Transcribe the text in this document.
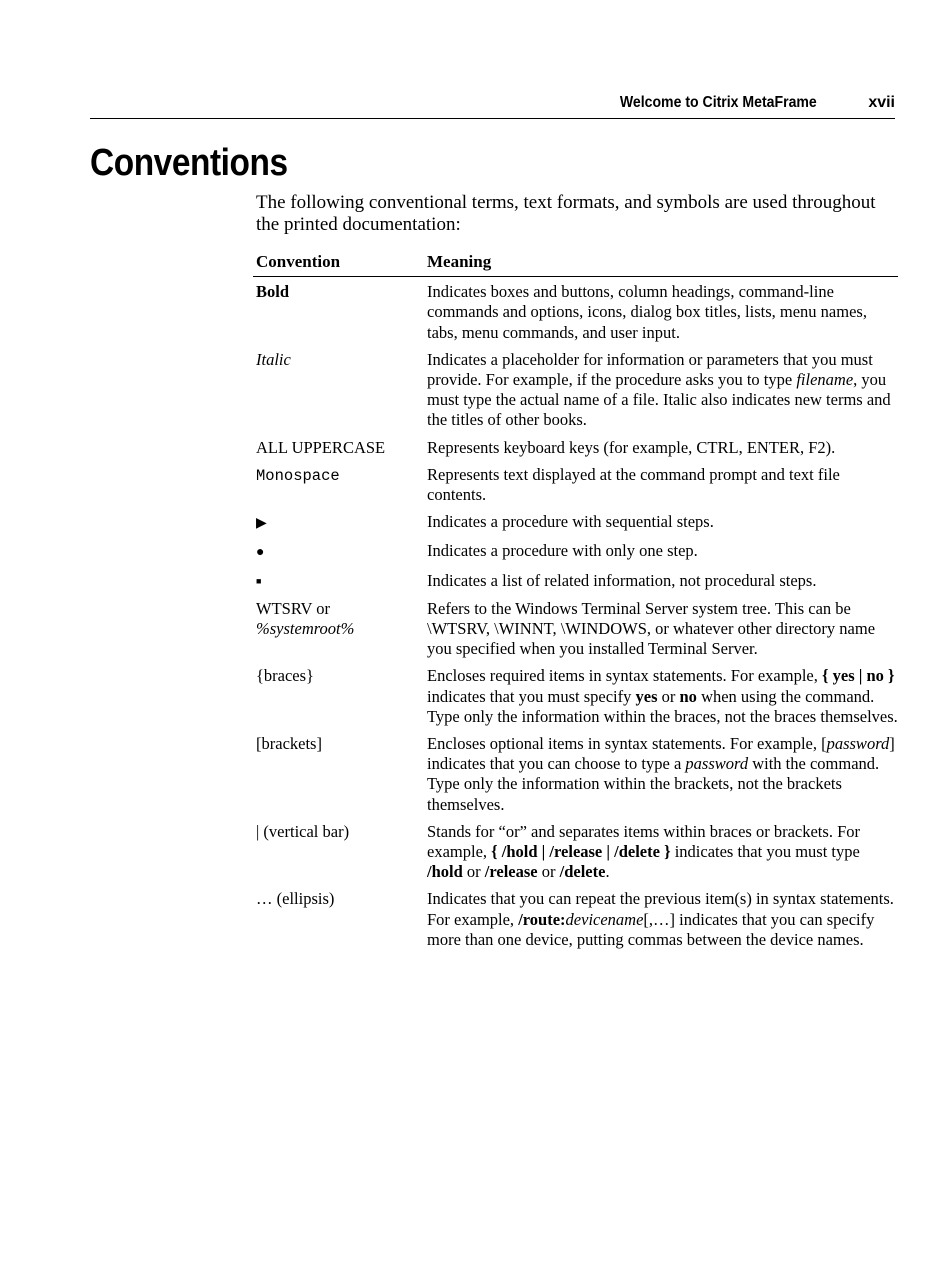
Welcome to Citrix MetaFrame	xvii
Conventions

The following conventional terms, text formats, and symbols are used throughout the printed documentation:

Convention	Meaning
Bold	Indicates boxes and buttons, column headings, command-line commands and options, icons, dialog box titles, lists, menu names, tabs, menu commands, and user input.
Italic	Indicates a placeholder for information or parameters that you must provide. For example, if the procedure asks you to type filename, you must type the actual name of a file. Italic also indicates new terms and the titles of other books.
ALL UPPERCASE	Represents keyboard keys (for example, CTRL, ENTER, F2).
Monospace	Represents text displayed at the command prompt and text file contents.
▶	Indicates a procedure with sequential steps.
●	Indicates a procedure with only one step.
■	Indicates a list of related information, not procedural steps.
WTSRV or
%systemroot%	Refers to the Windows Terminal Server system tree. This can be \WTSRV, \WINNT, \WINDOWS, or whatever other directory name you specified when you installed Terminal Server.
{braces}	Encloses required items in syntax statements. For example, { yes | no } indicates that you must specify yes or no when using the command. Type only the information within the braces, not the braces themselves.
[brackets]	Encloses optional items in syntax statements. For example, [password] indicates that you can choose to type a password with the command. Type only the information within the brackets, not the brackets themselves.
| (vertical bar)	Stands for “or” and separates items within braces or brackets. For example, { /hold | /release | /delete } indicates that you must type /hold or /release or /delete.
… (ellipsis)	Indicates that you can repeat the previous item(s) in syntax statements. For example, /route:devicename[,…] indicates that you can specify more than one device, putting commas between the device names.
